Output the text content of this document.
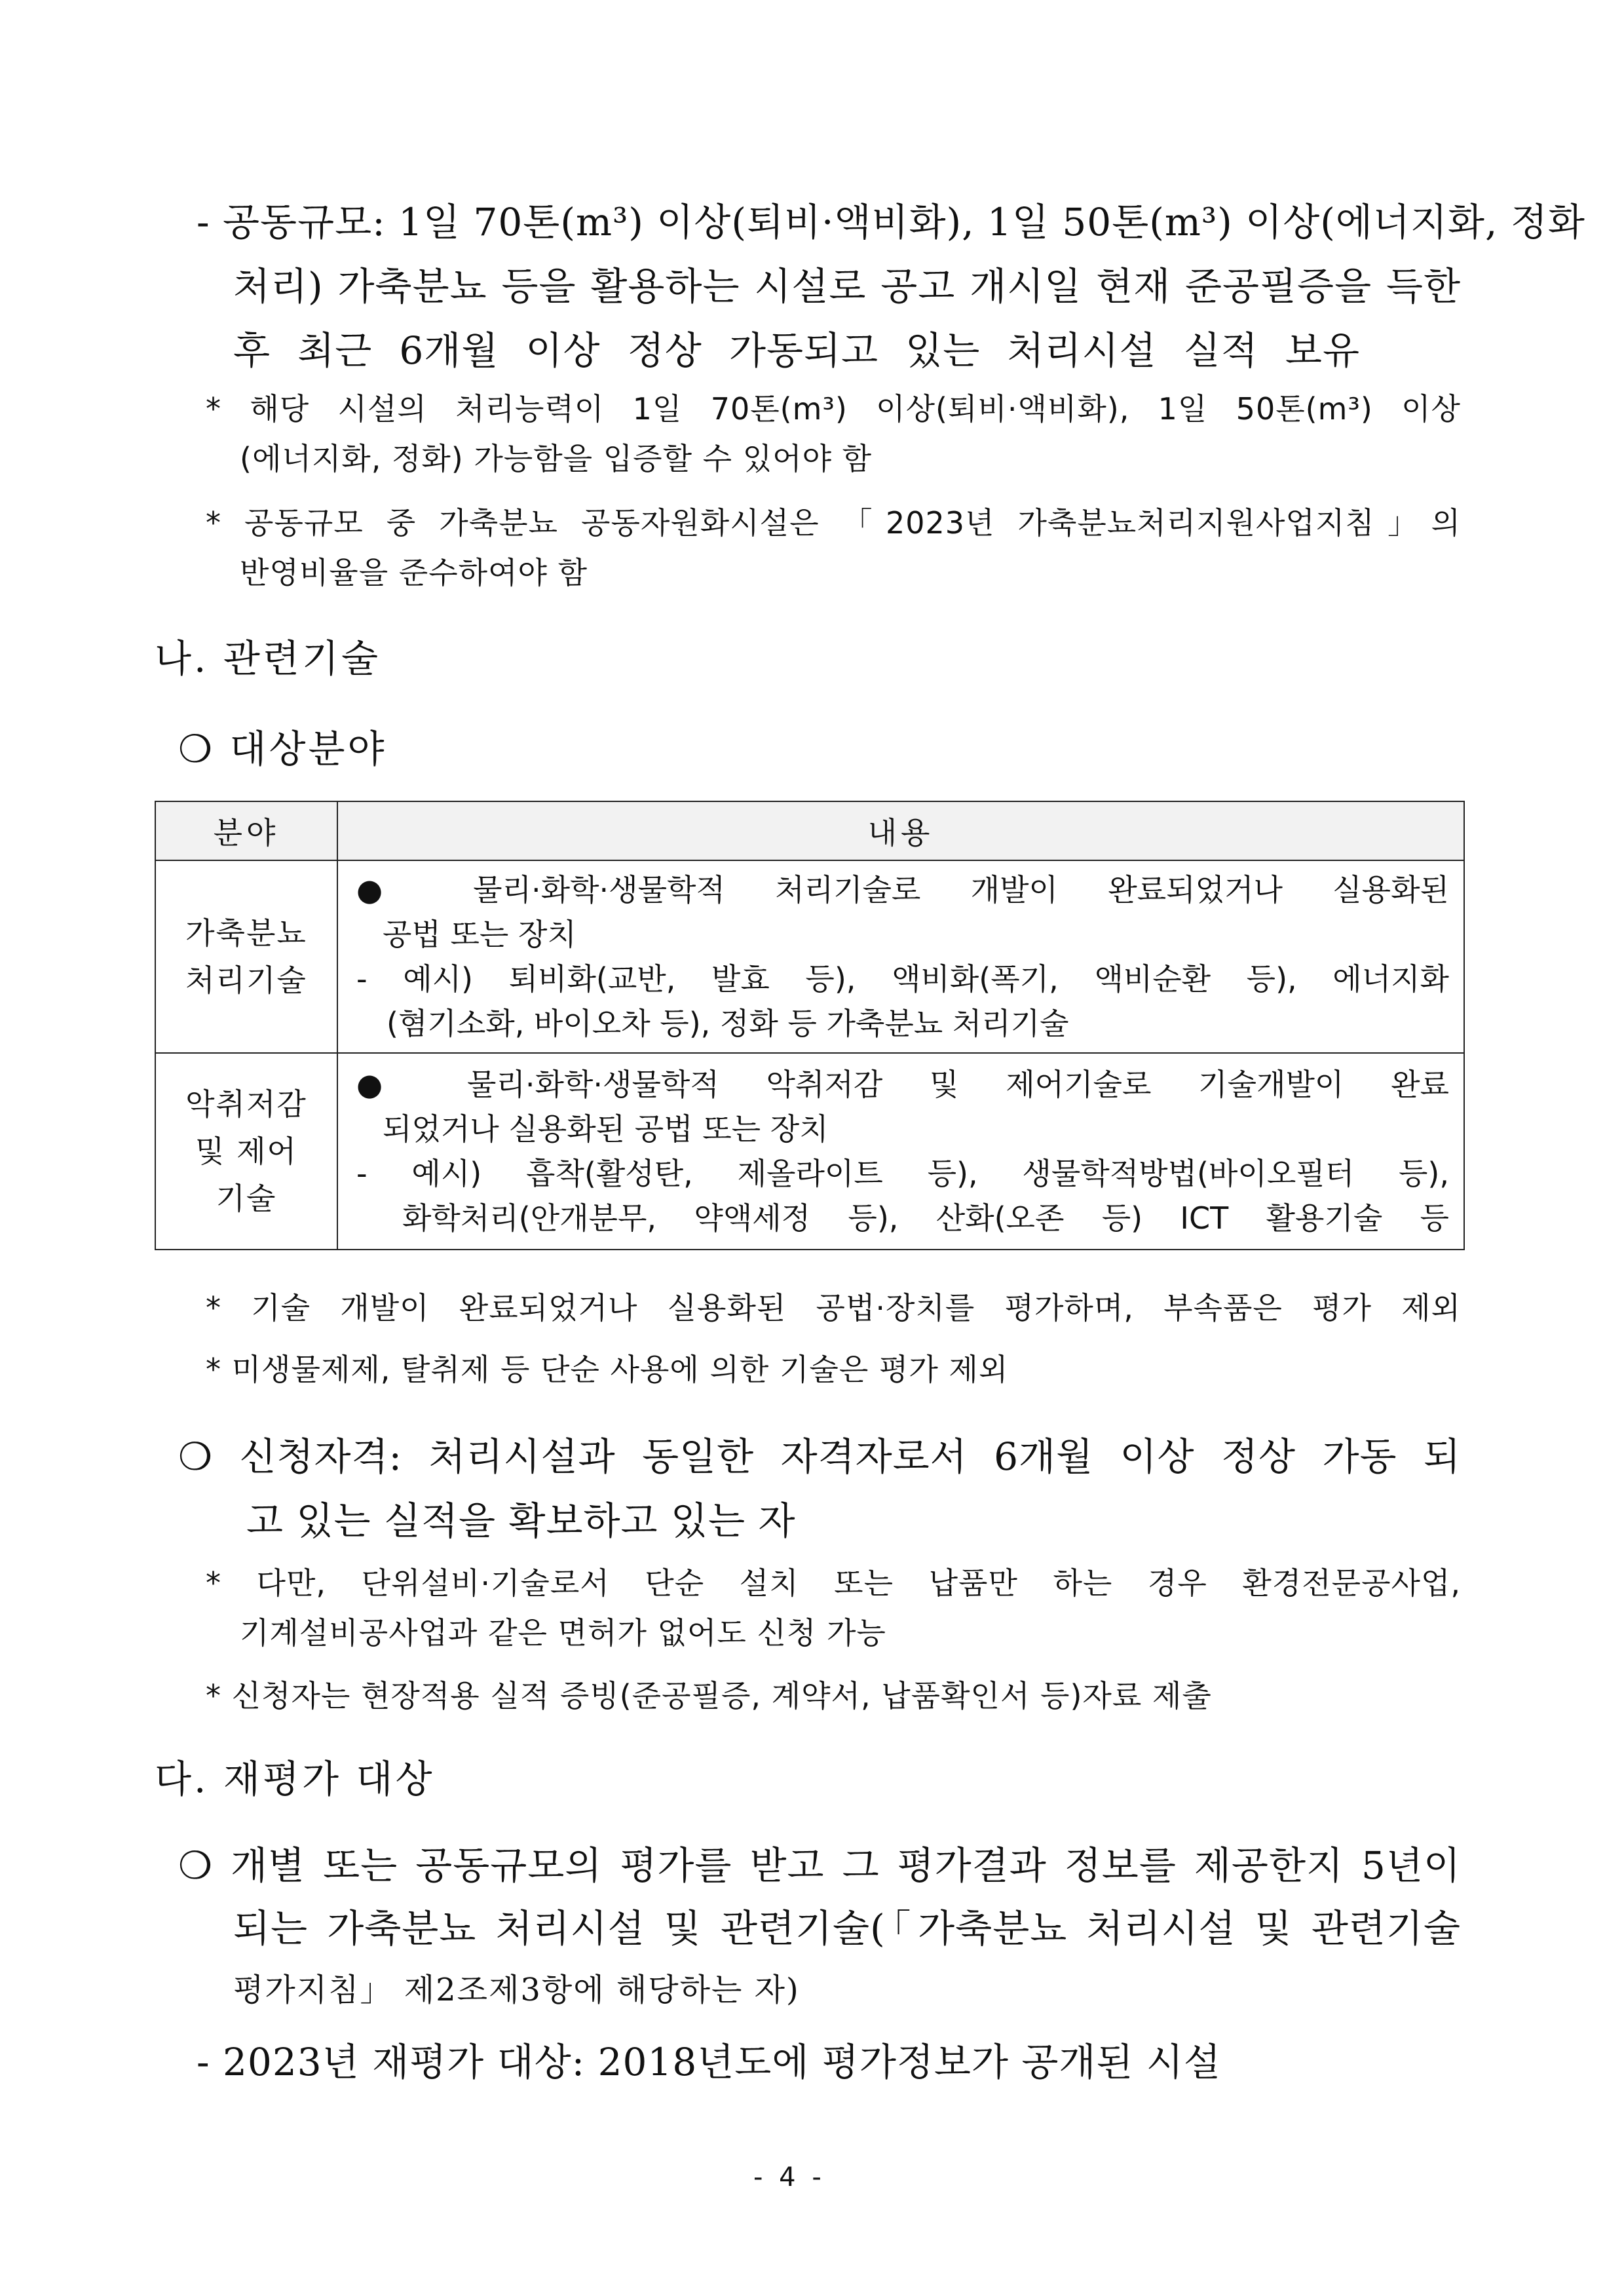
- 공동규모: 1일 70톤(m³) 이상(퇴비·액비화), 1일 50톤(m³) 이상(에너지화, 정화
처리) 가축분뇨 등을 활용하는 시설로 공고 개시일 현재 준공필증을 득한
후 최근 6개월 이상 정상 가동되고 있는 처리시설 실적 보유
* 해당 시설의 처리능력이 1일 70톤(m³) 이상(퇴비·액비화), 1일 50톤(m³) 이상
(에너지화, 정화) 가능함을 입증할 수 있어야 함
* 공동규모 중 가축분뇨 공동자원화시설은 「2023년 가축분뇨처리지원사업지침」의
반영비율을 준수하여야 함
나. 관련기술
❍ 대상분야
분야	내용
가축분뇨
처리기술	● 물리·화학·생물학적 처리기술로 개발이 완료되었거나 실용화된
공법 또는 장치
- 예시) 퇴비화(교반, 발효 등), 액비화(폭기, 액비순환 등), 에너지화
(혐기소화, 바이오차 등), 정화 등 가축분뇨 처리기술

악취저감
및 제어
기술	● 물리·화학·생물학적 악취저감 및 제어기술로 기술개발이 완료
되었거나 실용화된 공법 또는 장치
- 예시) 흡착(활성탄, 제올라이트 등), 생물학적방법(바이오필터 등),
화학처리(안개분무, 약액세정 등), 산화(오존 등) ICT 활용기술 등
* 기술 개발이 완료되었거나 실용화된 공법·장치를 평가하며, 부속품은 평가 제외
* 미생물제제, 탈취제 등 단순 사용에 의한 기술은 평가 제외
❍ 신청자격: 처리시설과 동일한 자격자로서 6개월 이상 정상 가동 되
고 있는 실적을 확보하고 있는 자
* 다만, 단위설비·기술로서 단순 설치 또는 납품만 하는 경우 환경전문공사업,
기계설비공사업과 같은 면허가 없어도 신청 가능
* 신청자는 현장적용 실적 증빙(준공필증, 계약서, 납품확인서 등)자료 제출
다. 재평가 대상
❍ 개별 또는 공동규모의 평가를 받고 그 평가결과 정보를 제공한지 5년이
되는 가축분뇨 처리시설 및 관련기술(「가축분뇨 처리시설 및 관련기술
평가지침」 제2조제3항에 해당하는 자)
- 2023년 재평가 대상: 2018년도에 평가정보가 공개된 시설
- 4 -
